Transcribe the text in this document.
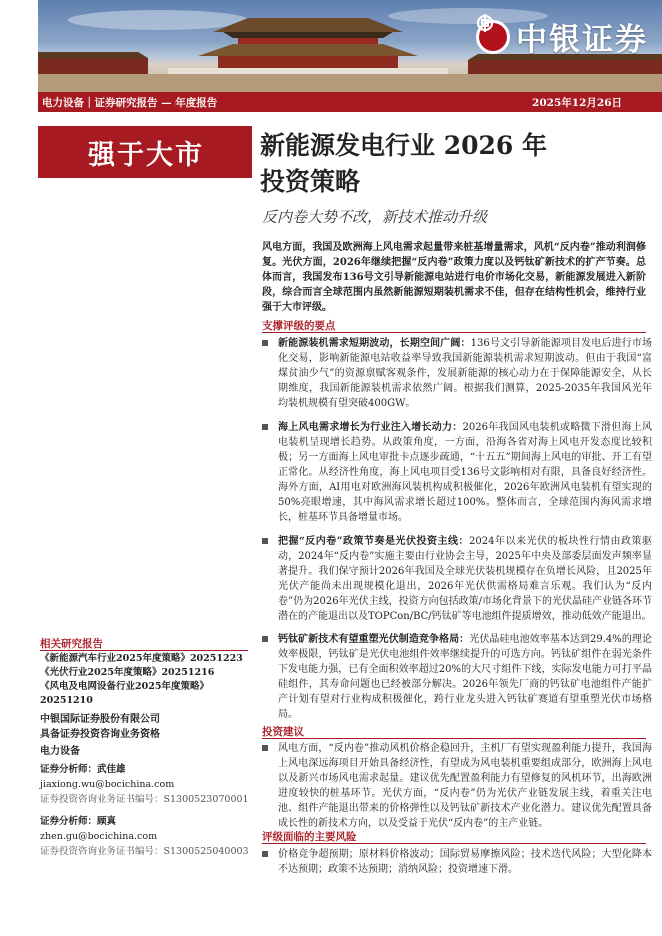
中银证券
电力设备｜证券研究报告 — 年度报告	2025年12月26日
强于大市
相关研究报告
《新能源汽车行业2025年度策略》20251223
《光伏行业2025年度策略》20251216
《风电及电网设备行业2025年度策略》20251210
中银国际证券股份有限公司
具备证券投资咨询业务资格
电力设备
证券分析师：武佳雄
jiaxiong.wu@bocichina.com
证券投资咨询业务证书编号：S1300523070001
证券分析师：顾真
zhen.gu@bocichina.com
证券投资咨询业务证书编号：S1300525040003
新能源发电行业 2026 年
投资策略
反内卷大势不改，新技术推动升级
风电方面，我国及欧洲海上风电需求起量带来桩基增量需求，风机“反内卷”推动利润修复。光伏方面，2026年继续把握“反内卷”政策力度以及钙钛矿新技术的扩产节奏。总体而言，我国发布136号文引导新能源电站进行电价市场化交易，新能源发展进入新阶段，综合而言全球范围内虽然新能源短期装机需求不佳，但存在结构性机会，维持行业强于大市评级。
支撑评级的要点
新能源装机需求短期波动，长期空间广阔：136号文引导新能源项目发电后进行市场化交易，影响新能源电站收益率导致我国新能源装机需求短期波动。但由于我国“富煤贫油少气”的资源禀赋客观条件，发展新能源的核心动力在于保障能源安全，从长期维度，我国新能源装机需求依然广阔。根据我们测算，2025-2035年我国风光年均装机规模有望突破400GW。
海上风电需求增长为行业注入增长动力：2026年我国风电装机或略微下滑但海上风电装机呈现增长趋势。从政策角度，一方面，沿海各省对海上风电开发态度比较积极；另一方面海上风电审批卡点逐步疏通，“十五五”期间海上风电的审批、开工有望正常化。从经济性角度，海上风电项目受136号文影响相对有限，具备良好经济性。海外方面，AI用电对欧洲海风装机构成积极催化，2026年欧洲风电装机有望实现的50%亮眼增速，其中海风需求增长超过100%。整体而言，全球范围内海风需求增长，桩基环节具备增量市场。
把握“反内卷”政策节奏是光伏投资主线：2024年以来光伏的板块性行情由政策驱动，2024年“反内卷”实施主要由行业协会主导，2025年中央及部委层面发声频率显著提升。我们保守预计2026年我国及全球光伏装机规模存在负增长风险，且2025年光伏产能尚未出现规模化退出，2026年光伏供需格局难言乐观。我们认为“反内卷”仍为2026年光伏主线，投资方向包括政策/市场化背景下的光伏晶硅产业链各环节潜在的产能退出以及TOPCon/BC/钙钛矿等电池组件提质增效，推动低效产能退出。
钙钛矿新技术有望重塑光伏制造竞争格局：光伏晶硅电池效率基本达到29.4%的理论效率极限，钙钛矿是光伏电池组件效率继续提升的可选方向。钙钛矿组件在弱光条件下发电能力强，已有全面积效率超过20%的大尺寸组件下线，实际发电能力可打平晶硅组件，其寿命问题也已经被部分解决。2026年领先厂商的钙钛矿电池组件产能扩产计划有望对行业构成积极催化，跨行业龙头进入钙钛矿赛道有望重塑光伏市场格局。
投资建议
风电方面，“反内卷”推动风机价格企稳回升，主机厂有望实现盈利能力提升，我国海上风电深远海项目开始具备经济性，有望成为风电装机重要组成部分，欧洲海上风电以及新兴市场风电需求起量。建议优先配置盈利能力有望修复的风机环节，出海欧洲进度较快的桩基环节。光伏方面，“反内卷”仍为光伏产业链发展主线，着重关注电池、组件产能退出带来的价格弹性以及钙钛矿新技术产业化潜力。建议优先配置具备成长性的新技术方向，以及受益于光伏“反内卷”的主产业链。
评级面临的主要风险
价格竞争超预期；原材料价格波动；国际贸易摩擦风险；技术迭代风险；大型化降本不达预期；政策不达预期；消纳风险；投资增速下滑。
